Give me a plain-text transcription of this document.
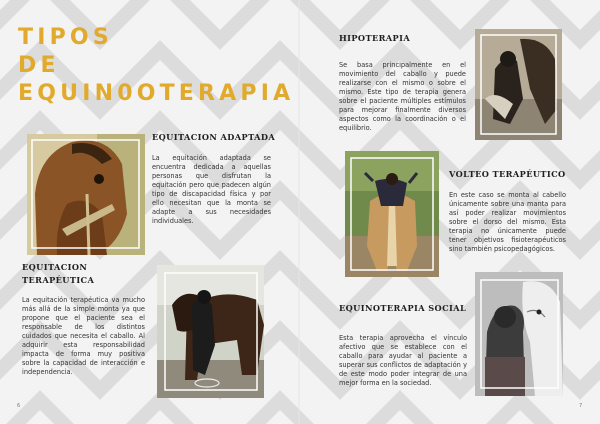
TIPOS
DE
EQUIN0OTERAPIA
EQUITACION ADAPTADA
La equitación adaptada se encuentra dedicada a aquellas personas que disfrutan la equitación pero que padecen algún tipo de discapacidad física y por ello necesitan que la monta se adapte a sus necesidades individuales.
EQUITACION
TERAPÉUTICA
La equitación terapéutica va mucho más allá de la simple monta ya que propone que el paciente sea el responsable de los distintos cuidados que necesita el caballo. Al adquirir esta responsabilidad impacta de forma muy positiva sobre la capacidad de interacción e independencia.
HIPOTERAPIA
Se basa principalmente en el movimiento del caballo y puede realizarse con el mismo o sobre el mismo. Este tipo de terapia genera sobre el paciente múltiples estímulos para mejorar finalmente diversos aspectos como la coordinación o el equilibrio.
VOLTEO TERAPÉUTICO
En este caso se monta al cabello únicamente sobre una manta para así poder realizar movimientos sobre el dorso del mismo. Esta terapia no únicamente puede tener objetivos fisioterapéuticos sino también psicopedagógicos.
EQUINOTERAPIA SOCIAL
Esta terapia aprovecha el vínculo afectivo que se establece con el caballo para ayudar al paciente a superar sus conflictos de adaptación y de este modo poder integrar de una mejor forma en la sociedad.
6	7
